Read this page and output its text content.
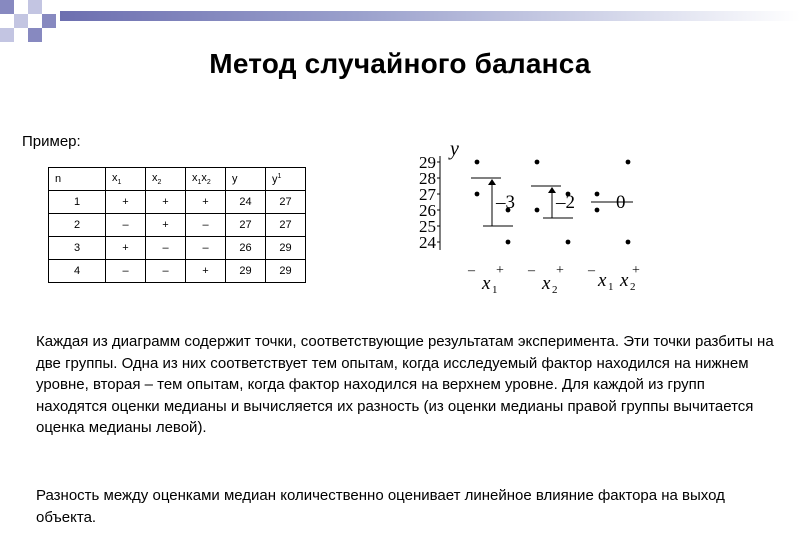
Метод случайного баланса
Пример:
n	$x_1$	$x_2$	$x_1x_2$	y	$y^1$
1	+	+	+	24	27
2	–	+	–	27	27
3	+	–	–	26	29
4	–	–	+	29	29
y
24
25
26
27
28
29
–3
–
x 1
+
–2
–
x 2
+
0
– x 1 x 2
+
Каждая из диаграмм содержит точки, соответствующие результатам эксперимента. Эти точки разбиты на две группы. Одна из них соответствует тем опытам, когда исследуемый фактор находился на нижнем уровне, вторая – тем опытам, когда фактор находился на верхнем уровне. Для каждой из групп находятся оценки медианы и вычисляется их разность (из оценки медианы правой группы вычитается оценка медианы левой).
Разность между оценками медиан количественно оценивает линейное влияние фактора на выход объекта.
